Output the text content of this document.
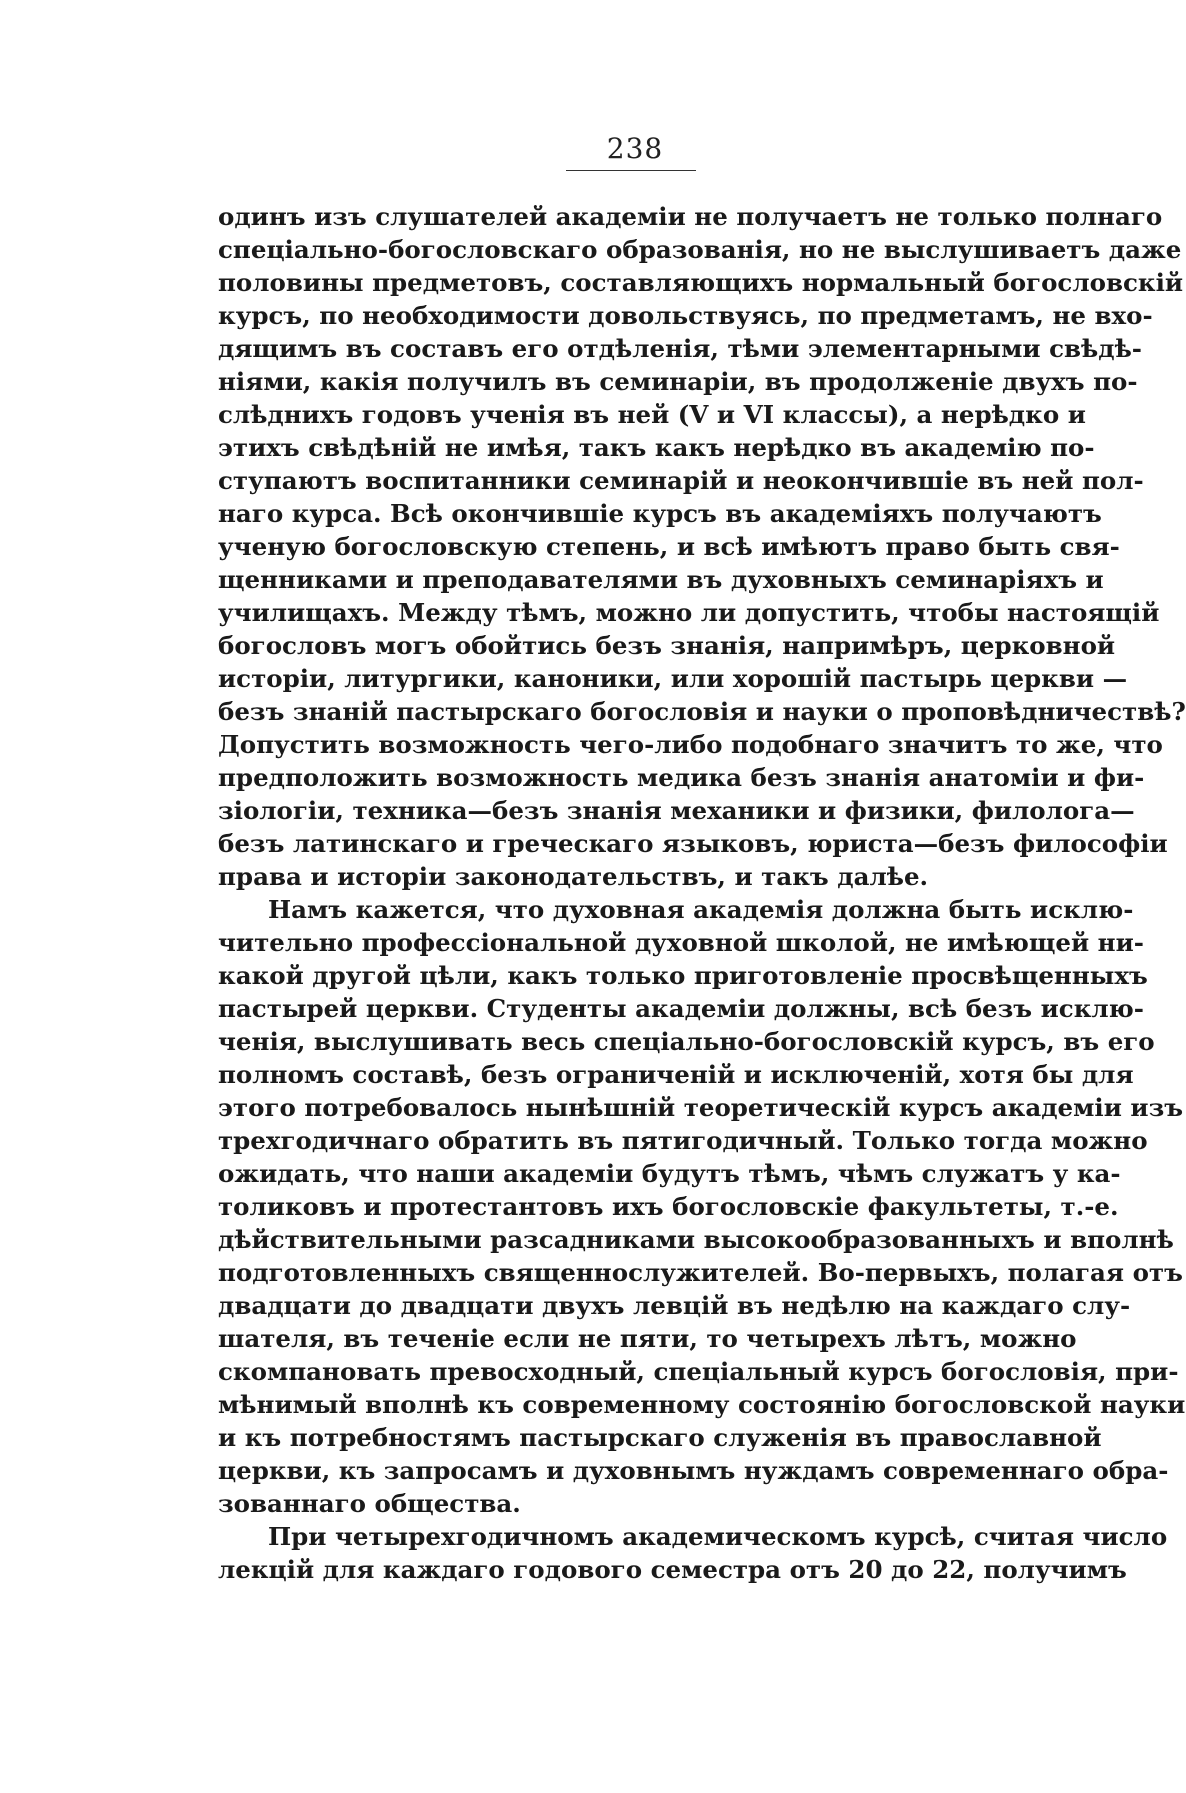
238
одинъ изъ слушателей академіи не получаетъ не только полнаго
спеціально-богословскаго образованія, но не выслушиваетъ даже
половины предметовъ, составляющихъ нормальный богословскій
курсъ, по необходимости довольствуясь, по предметамъ, не вхо-
дящимъ въ составъ его отдѣленія, тѣми элементарными свѣдѣ-
ніями, какія получилъ въ семинаріи, въ продолженіе двухъ по-
слѣднихъ годовъ ученія въ ней (V и VI классы), а нерѣдко и
этихъ свѣдѣній не имѣя, такъ какъ нерѣдко въ академію по-
ступаютъ воспитанники семинарій и неокончившіе въ ней пол-
наго курса. Всѣ окончившіе курсъ въ академіяхъ получаютъ
ученую богословскую степень, и всѣ имѣютъ право быть свя-
щенниками и преподавателями въ духовныхъ семинаріяхъ и
училищахъ. Между тѣмъ, можно ли допустить, чтобы настоящій
богословъ могъ обойтись безъ знанія, напримѣръ, церковной
исторіи, литургики, каноники, или хорошій пастырь церкви —
безъ знаній пастырскаго богословія и науки о проповѣдничествѣ?
Допустить возможность чего-либо подобнаго значитъ то же, что
предположить возможность медика безъ знанія анатоміи и фи-
зіологіи, техника—безъ знанія механики и физики, филолога—
безъ латинскаго и греческаго языковъ, юриста—безъ философіи
права и исторіи законодательствъ, и такъ далѣе.
Намъ кажется, что духовная академія должна быть исклю-
чительно профессіональной духовной школой, не имѣющей ни-
какой другой цѣли, какъ только приготовленіе просвѣщенныхъ
пастырей церкви. Студенты академіи должны, всѣ безъ исклю-
ченія, выслушивать весь спеціально-богословскій курсъ, въ его
полномъ составѣ, безъ ограниченій и исключеній, хотя бы для
этого потребовалось нынѣшній теоретическій курсъ академіи изъ
трехгодичнаго обратить въ пятигодичный. Только тогда можно
ожидать, что наши академіи будутъ тѣмъ, чѣмъ служатъ у ка-
толиковъ и протестантовъ ихъ богословскіе факультеты, т.-е.
дѣйствительными разсадниками высокообразованныхъ и вполнѣ
подготовленныхъ священнослужителей. Во-первыхъ, полагая отъ
двадцати до двадцати двухъ левцій въ недѣлю на каждаго слу-
шателя, въ теченіе если не пяти, то четырехъ лѣтъ, можно
скомпановать превосходный, спеціальный курсъ богословія, при-
мѣнимый вполнѣ къ современному состоянію богословской науки
и къ потребностямъ пастырскаго служенія въ православной
церкви, къ запросамъ и духовнымъ нуждамъ современнаго обра-
зованнаго общества.
При четырехгодичномъ академическомъ курсѣ, считая число
лекцій для каждаго годового семестра отъ 20 до 22, получимъ
